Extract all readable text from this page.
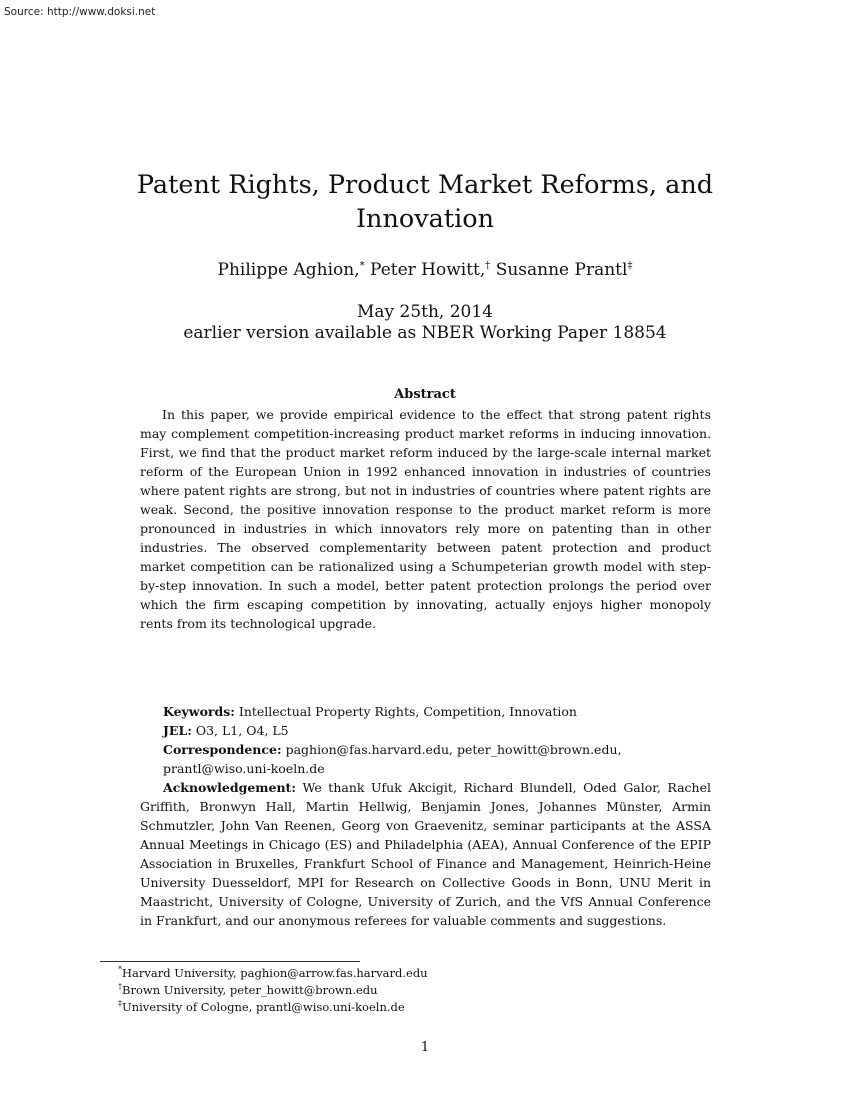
Source: http://www.doksi.net
Patent Rights, Product Market Reforms, and
Innovation
Philippe Aghion,* Peter Howitt,† Susanne Prantl‡
May 25th, 2014
earlier version available as NBER Working Paper 18854
Abstract

In this paper, we provide empirical evidence to the effect that strong patent rights may complement competition-increasing product market reforms in inducing innovation. First, we find that the product market reform induced by the large-scale internal market reform of the European Union in 1992 enhanced innovation in industries of countries where patent rights are strong, but not in industries of countries where patent rights are weak. Second, the positive innovation response to the product market reform is more pronounced in industries in which innovators rely more on patenting than in other industries. The observed complementarity between patent protection and product market competition can be rationalized using a Schumpeterian growth model with step-by-step innovation. In such a model, better patent protection prolongs the period over which the firm escaping competition by innovating, actually enjoys higher monopoly rents from its technological upgrade.

Keywords: Intellectual Property Rights, Competition, Innovation

JEL: O3, L1, O4, L5

Correspondence: paghion@fas.harvard.edu, peter_howitt@brown.edu, prantl@wiso.uni-koeln.de

Acknowledgement: We thank Ufuk Akcigit, Richard Blundell, Oded Galor, Rachel Griffith, Bronwyn Hall, Martin Hellwig, Benjamin Jones, Johannes Münster, Armin Schmutzler, John Van Reenen, Georg von Graevenitz, seminar participants at the ASSA Annual Meetings in Chicago (ES) and Philadelphia (AEA), Annual Conference of the EPIP Association in Bruxelles, Frankfurt School of Finance and Management, Heinrich-Heine University Duesseldorf, MPI for Research on Collective Goods in Bonn, UNU Merit in Maastricht, University of Cologne, University of Zurich, and the VfS Annual Conference in Frankfurt, and our anonymous referees for valuable comments and suggestions.

*Harvard University, paghion@arrow.fas.harvard.edu
†Brown University, peter_howitt@brown.edu
‡University of Cologne, prantl@wiso.uni-koeln.de
1
